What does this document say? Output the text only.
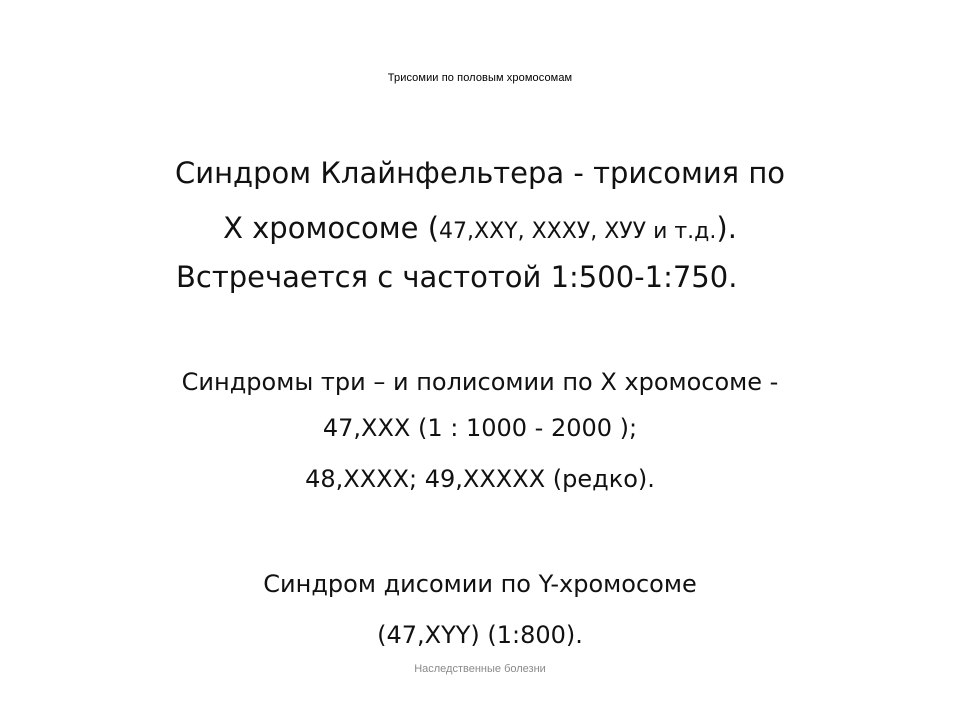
Трисомии по половым хромосомам
Синдром Клайнфельтера - трисомия по
X хромосоме (47,XXY, XXXУ, XУУ и т.д.).
Встречается с частотой 1:500-1:750.
Синдромы три – и полисомии по X хромосоме -
47,XXX (1 : 1000 - 2000 );
48,XXXX; 49,XXXXX (редко).
Синдром дисомии по Y-хромосоме
(47,XYY) (1:800).
Наследственные болезни
